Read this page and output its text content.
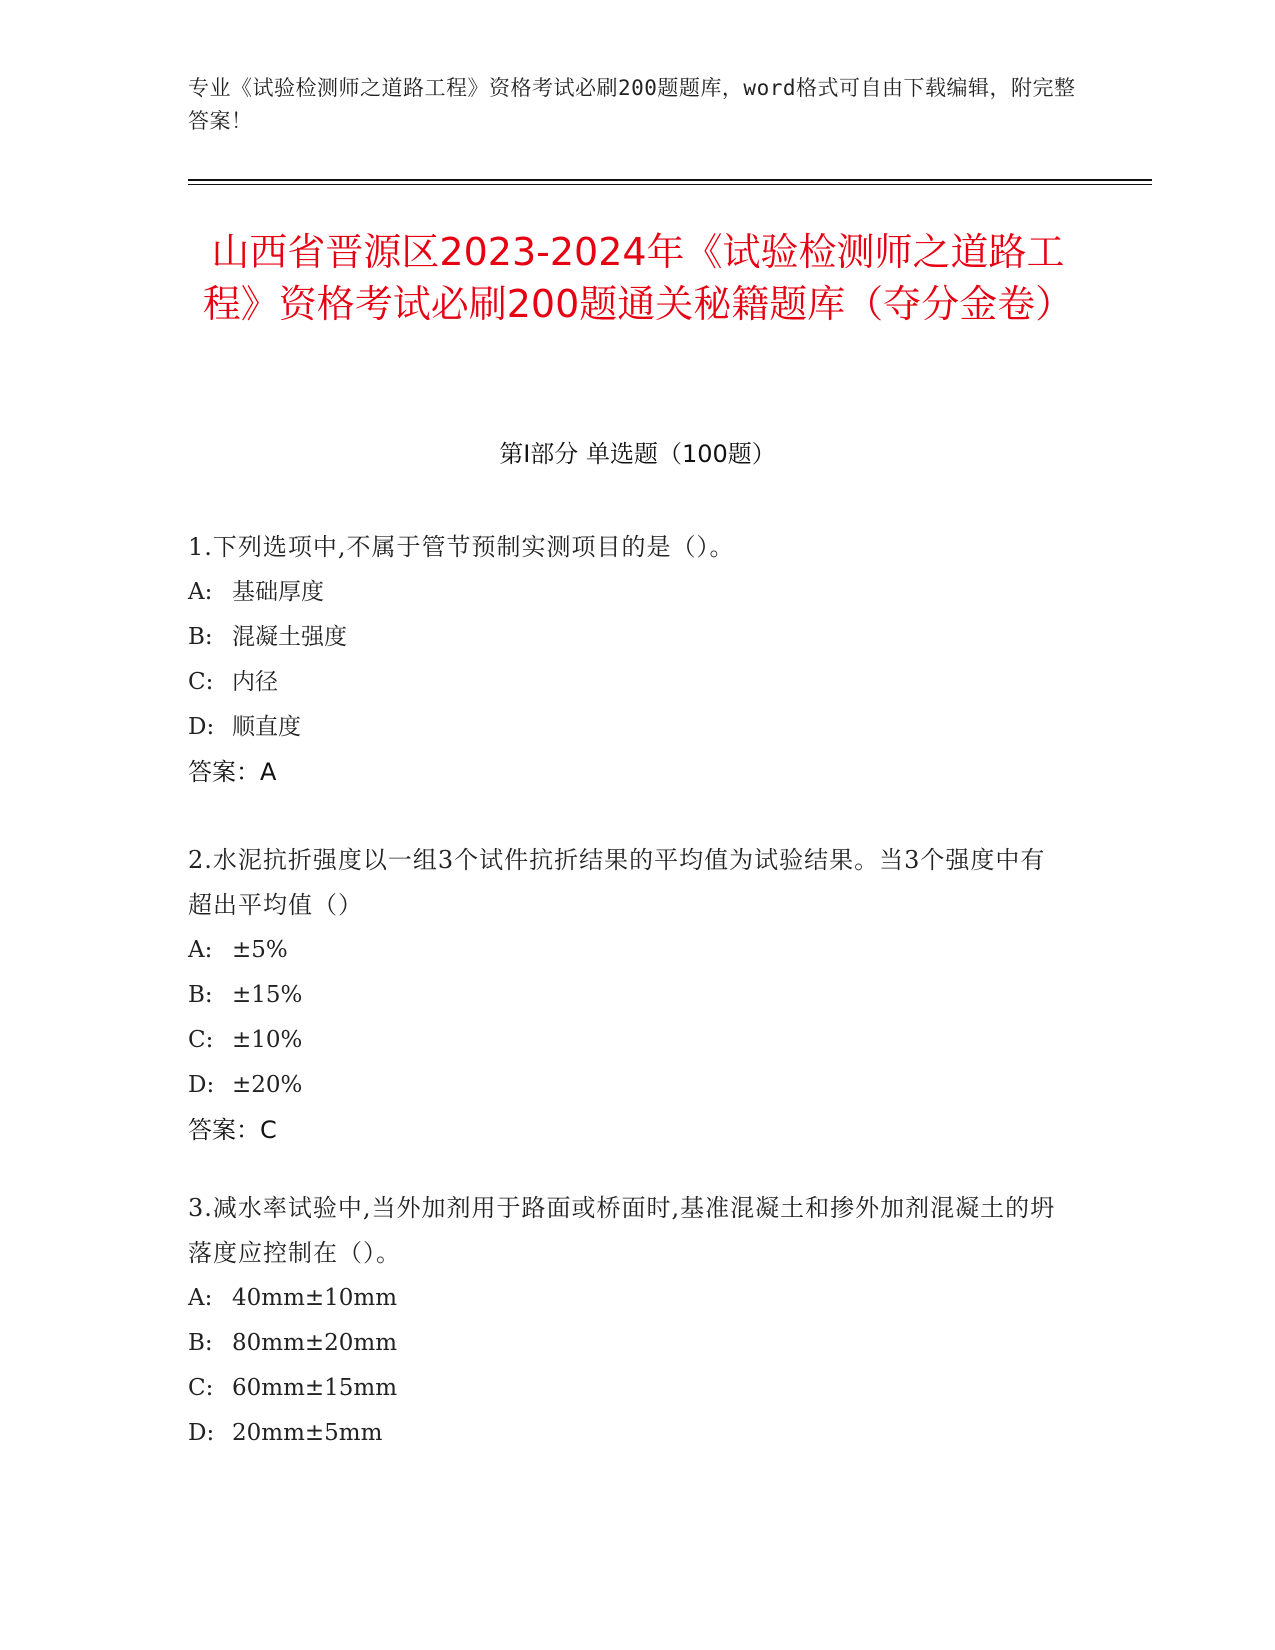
专业《试验检测师之道路工程》资格考试必刷200题题库，word格式可自由下载编辑，附完整答案！
山西省晋源区2023-2024年《试验检测师之道路工程》资格考试必刷200题通关秘籍题库（夺分金卷）
第Ⅰ部分 单选题（100题）
1.下列选项中,不属于管节预制实测项目的是（）。
A: 基础厚度
B: 混凝土强度
C: 内径
D: 顺直度
答案：A
2.水泥抗折强度以一组3个试件抗折结果的平均值为试验结果。当3个强度中有超出平均值（）
A: ±5%
B: ±15%
C: ±10%
D: ±20%
答案：C
3.减水率试验中,当外加剂用于路面或桥面时,基准混凝土和掺外加剂混凝土的坍落度应控制在（）。
A: 40mm±10mm
B: 80mm±20mm
C: 60mm±15mm
D: 20mm±5mm
